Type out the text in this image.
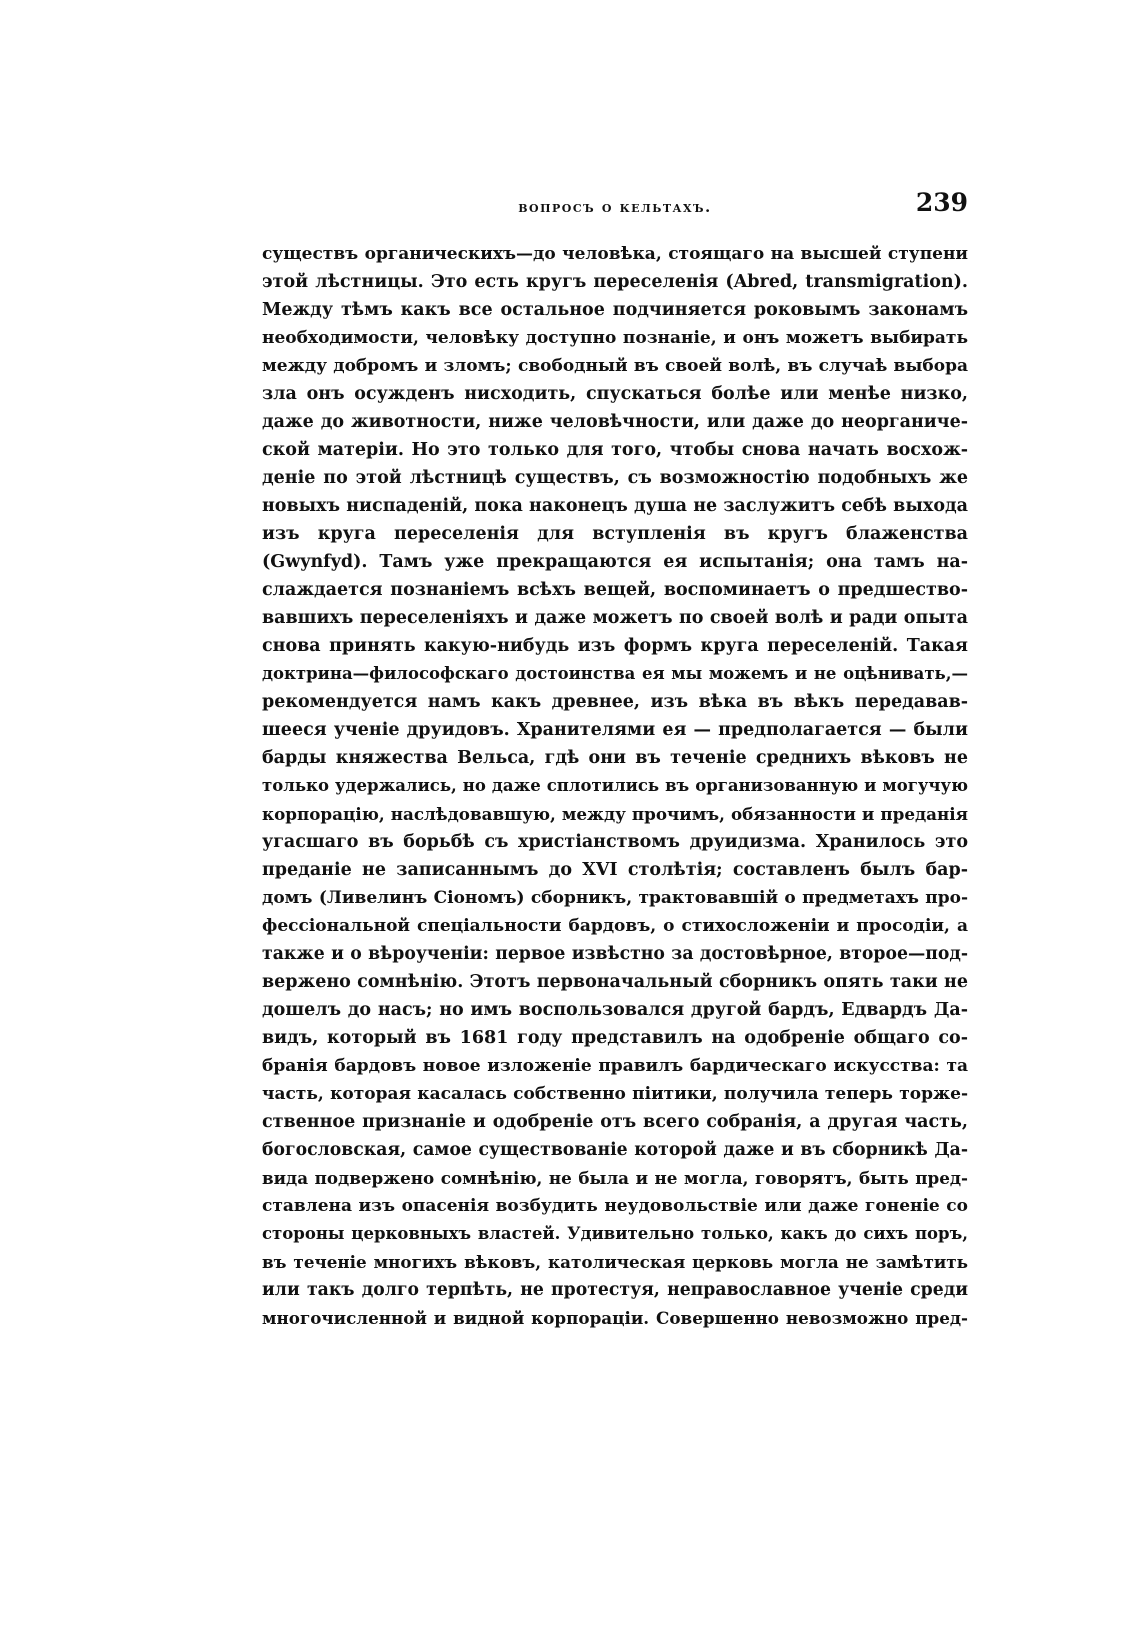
вопросъ о кельтахъ.	239
существъ органическихъ—до человѣка, стоящаго на высшей ступени
этой лѣстницы. Это есть кругъ переселенія (Abred, transmigration).
Между тѣмъ какъ все остальное подчиняется роковымъ законамъ
необходимости, человѣку доступно познаніе, и онъ можетъ выбирать
между добромъ и зломъ; свободный въ своей волѣ, въ случаѣ выбора
зла онъ осужденъ нисходить, спускаться болѣе или менѣе низко,
даже до животности, ниже человѣчности, или даже до неорганиче-
ской матеріи. Но это только для того, чтобы снова начать восхож-
деніе по этой лѣстницѣ существъ, съ возможностію подобныхъ же
новыхъ ниспаденій, пока наконецъ душа не заслужитъ себѣ выхода
изъ круга переселенія для вступленія въ кругъ блаженства
(Gwynfyd). Тамъ уже прекращаются ея испытанія; она тамъ на-
слаждается познаніемъ всѣхъ вещей, воспоминаетъ о предшество-
вавшихъ переселеніяхъ и даже можетъ по своей волѣ и ради опыта
снова принять какую-нибудь изъ формъ круга переселеній. Такая
доктрина—философскаго достоинства ея мы можемъ и не оцѣнивать,—
рекомендуется намъ какъ древнее, изъ вѣка въ вѣкъ передавав-
шееся ученіе друидовъ. Хранителями ея — предполагается — были
барды княжества Вельса, гдѣ они въ теченіе среднихъ вѣковъ не
только удержались, но даже сплотились въ организованную и могучую
корпорацію, наслѣдовавшую, между прочимъ, обязанности и преданія
угасшаго въ борьбѣ съ христіанствомъ друидизма. Хранилось это
преданіе не записаннымъ до XVI столѣтія; составленъ былъ бар-
домъ (Ливелинъ Сіономъ) сборникъ, трактовавшій о предметахъ про-
фессіональной спеціальности бардовъ, о стихосложеніи и просодіи, а
также и о вѣроученіи: первое извѣстно за достовѣрное, второе—под-
вержено сомнѣнію. Этотъ первоначальный сборникъ опять таки не
дошелъ до насъ; но имъ воспользовался другой бардъ, Едвардъ Да-
видъ, который въ 1681 году представилъ на одобреніе общаго со-
бранія бардовъ новое изложеніе правилъ бардическаго искусства: та
часть, которая касалась собственно піитики, получила теперь торже-
ственное признаніе и одобреніе отъ всего собранія, а другая часть,
богословская, самое существованіе которой даже и въ сборникѣ Да-
вида подвержено сомнѣнію, не была и не могла, говорятъ, быть пред-
ставлена изъ опасенія возбудить неудовольствіе или даже гоненіе со
стороны церковныхъ властей. Удивительно только, какъ до сихъ поръ,
въ теченіе многихъ вѣковъ, католическая церковь могла не замѣтить
или такъ долго терпѣть, не протестуя, неправославное ученіе среди
многочисленной и видной корпораціи. Совершенно невозможно пред-
